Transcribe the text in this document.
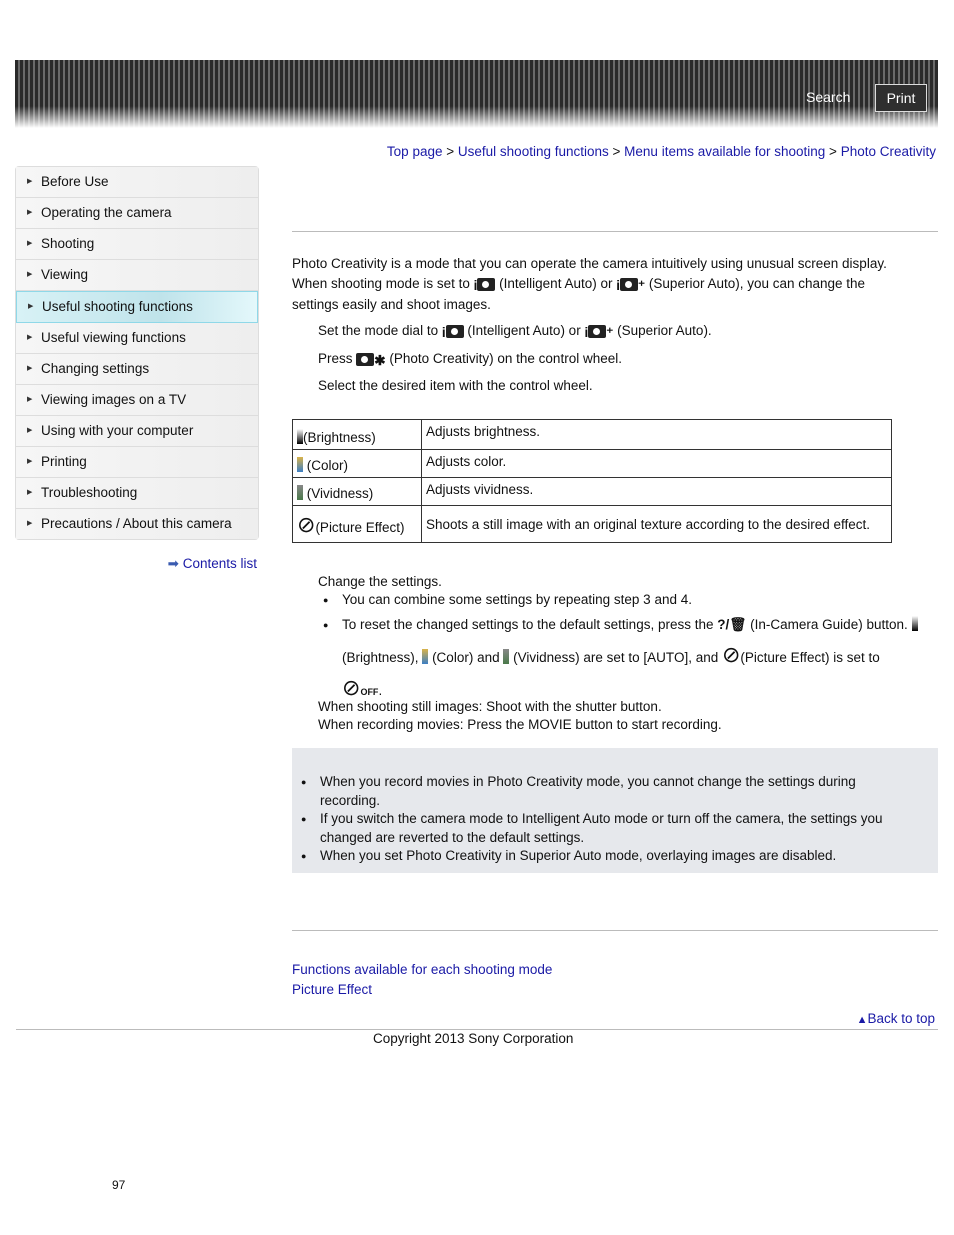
Search	Print
Top page > Useful shooting functions > Menu items available for shooting > Photo Creativity
▶ Before Use
▶ Operating the camera
▶ Shooting
▶ Viewing
▶ Useful shooting functions
▶ Useful viewing functions
▶ Changing settings
▶ Viewing images on a TV
▶ Using with your computer
▶ Printing
▶ Troubleshooting
▶ Precautions / About this camera
➡ Contents list

Photo Creativity is a mode that you can operate the camera intuitively using unusual screen display.

When shooting mode is set to i (Intelligent Auto) or i ⁺ (Superior Auto), you can change the

settings easily and shoot images.

Set the mode dial to i (Intelligent Auto) or i ⁺ (Superior Auto).

Press ✱ (Photo Creativity) on the control wheel.

Select the desired item with the control wheel.

(Brightness)	Adjusts brightness.
(Color)	Adjusts color.
(Vividness)	Adjusts vividness.
⊘(Picture Effect)	Shoots a still image with an original texture according to the desired effect.

Change the settings.

● You can combine some settings by repeating step 3 and 4.
● To reset the changed settings to the default settings, press the ?/🗑 (In-Camera Guide) button.  (Brightness), (Color) and (Vividness) are set to [AUTO], and ⊘(Picture Effect) is set to
⊘OFF.

When shooting still images: Shoot with the shutter button.

When recording movies: Press the MOVIE button to start recording.

● When you record movies in Photo Creativity mode, you cannot change the settings during recording.
● If you switch the camera mode to Intelligent Auto mode or turn off the camera, the settings you changed are reverted to the default settings.
● When you set Photo Creativity in Superior Auto mode, overlaying images are disabled.
Functions available for each shooting mode
Picture Effect
▲Back to top
Copyright 2013 Sony Corporation
97
